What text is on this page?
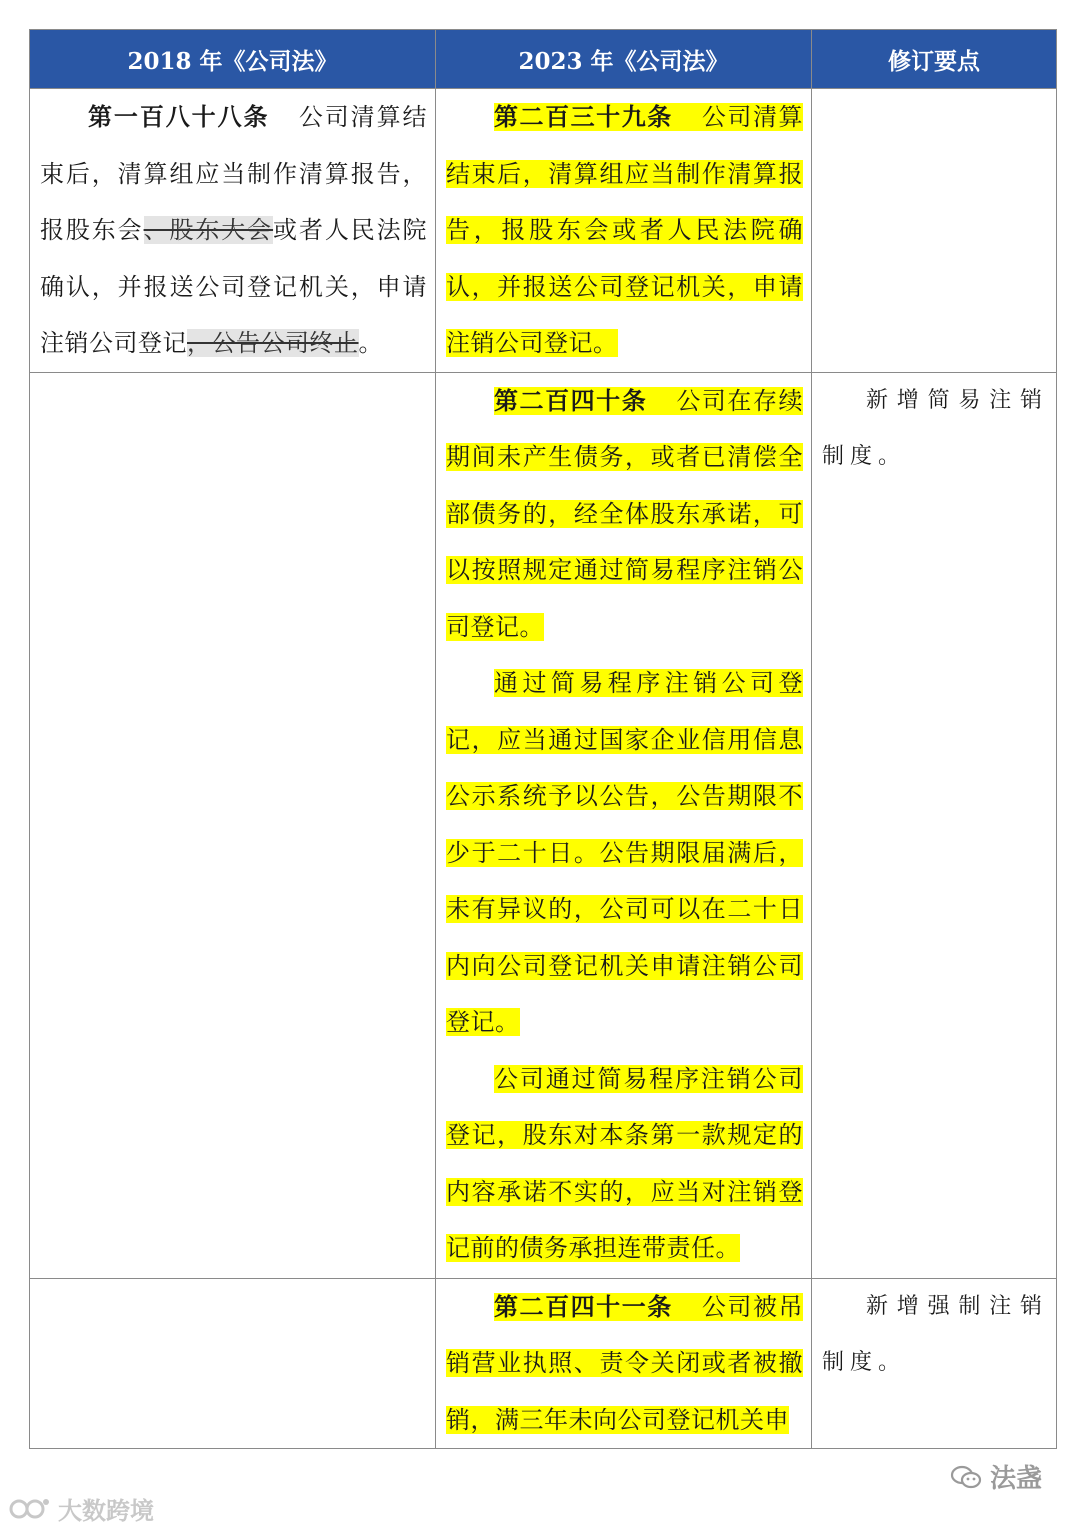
2018 年《公司法》	2023 年《公司法》	修订要点

第一百八十八条 公司清算结束后，清算组应当制作清算报告，报股东会、股东大会或者人民法院确认，并报送公司登记机关，申请注销公司登记，公告公司终止。	第二百三十九条 公司清算结束后，清算组应当制作清算报告，报股东会或者人民法院确认，并报送公司登记机关，申请注销公司登记。	

	第二百四十条 公司在存续期间未产生债务，或者已清偿全部债务的，经全体股东承诺，可以按照规定通过简易程序注销公司登记。

通过简易程序注销公司登记，应当通过国家企业信用信息公示系统予以公告，公告期限不少于二十日。公告期限届满后，未有异议的，公司可以在二十日内向公司登记机关申请注销公司登记。

公司通过简易程序注销公司登记，股东对本条第一款规定的内容承诺不实的，应当对注销登记前的债务承担连带责任。	新增简易注销制度。

	第二百四十一条 公司被吊销营业执照、责令关闭或者被撤销，满三年未向公司登记机关申	新增强制注销制度。

法盏
大数跨境
